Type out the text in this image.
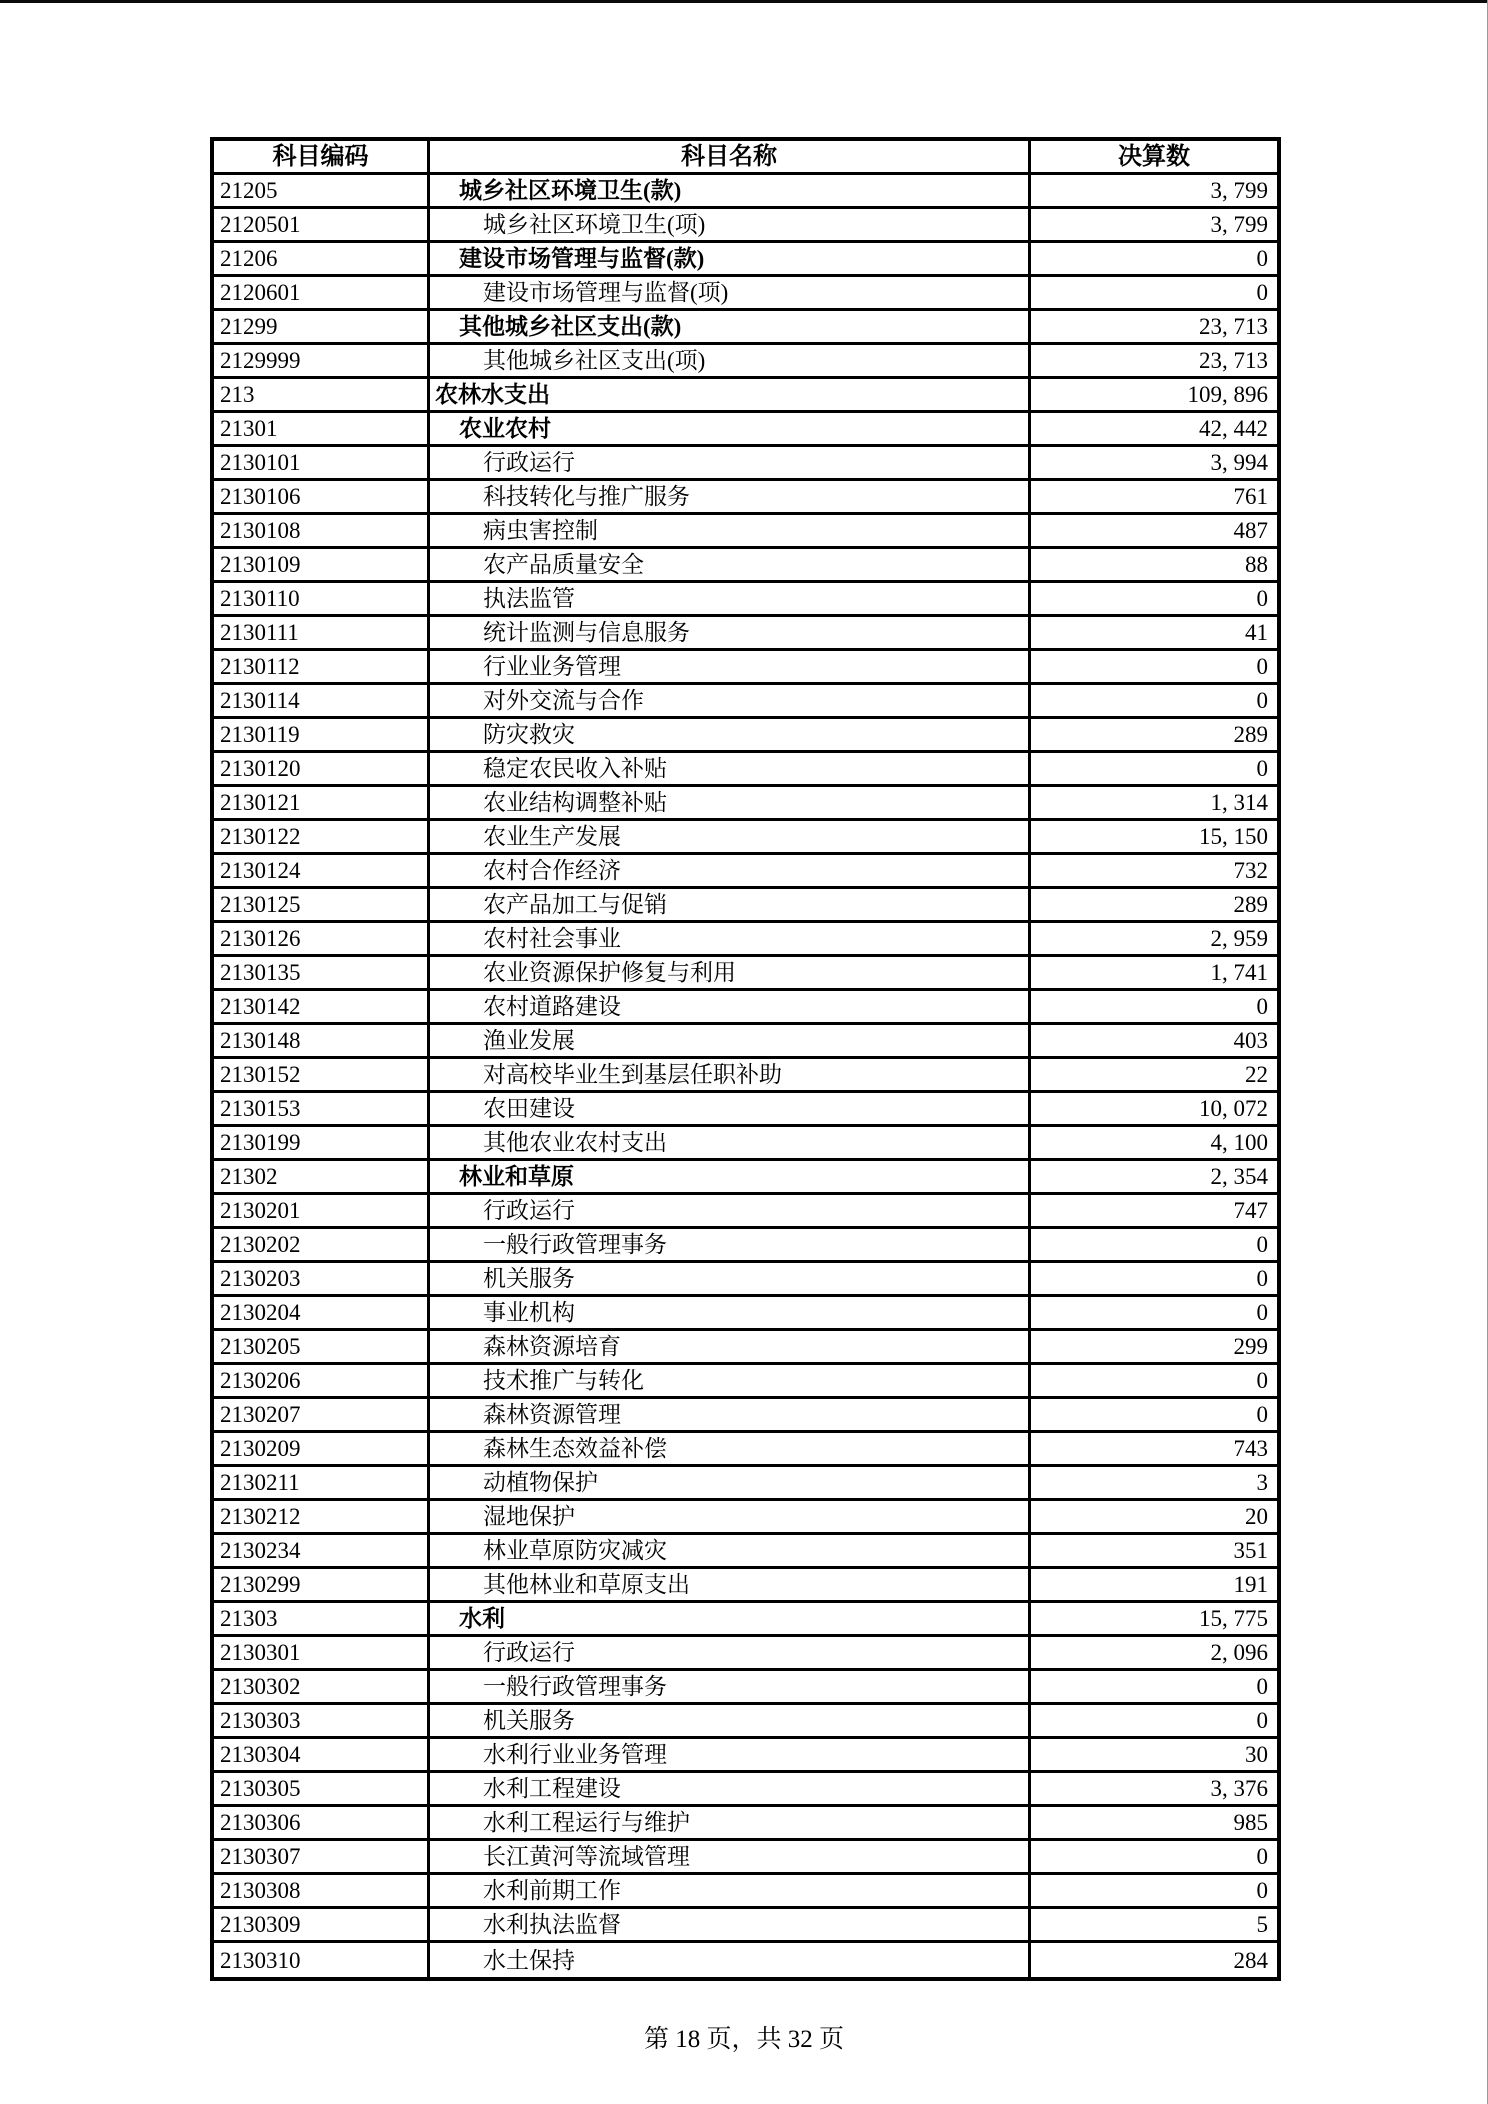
科目编码	科目名称	决算数
21205	城乡社区环境卫生(款)	3, 799
2120501	城乡社区环境卫生(项)	3, 799
21206	建设市场管理与监督(款)	0
2120601	建设市场管理与监督(项)	0
21299	其他城乡社区支出(款)	23, 713
2129999	其他城乡社区支出(项)	23, 713
213	农林水支出	109, 896
21301	农业农村	42, 442
2130101	行政运行	3, 994
2130106	科技转化与推广服务	761
2130108	病虫害控制	487
2130109	农产品质量安全	88
2130110	执法监管	0
2130111	统计监测与信息服务	41
2130112	行业业务管理	0
2130114	对外交流与合作	0
2130119	防灾救灾	289
2130120	稳定农民收入补贴	0
2130121	农业结构调整补贴	1, 314
2130122	农业生产发展	15, 150
2130124	农村合作经济	732
2130125	农产品加工与促销	289
2130126	农村社会事业	2, 959
2130135	农业资源保护修复与利用	1, 741
2130142	农村道路建设	0
2130148	渔业发展	403
2130152	对高校毕业生到基层任职补助	22
2130153	农田建设	10, 072
2130199	其他农业农村支出	4, 100
21302	林业和草原	2, 354
2130201	行政运行	747
2130202	一般行政管理事务	0
2130203	机关服务	0
2130204	事业机构	0
2130205	森林资源培育	299
2130206	技术推广与转化	0
2130207	森林资源管理	0
2130209	森林生态效益补偿	743
2130211	动植物保护	3
2130212	湿地保护	20
2130234	林业草原防灾减灾	351
2130299	其他林业和草原支出	191
21303	水利	15, 775
2130301	行政运行	2, 096
2130302	一般行政管理事务	0
2130303	机关服务	0
2130304	水利行业业务管理	30
2130305	水利工程建设	3, 376
2130306	水利工程运行与维护	985
2130307	长江黄河等流域管理	0
2130308	水利前期工作	0
2130309	水利执法监督	5
2130310	水土保持	284
第 18 页，共 32 页
